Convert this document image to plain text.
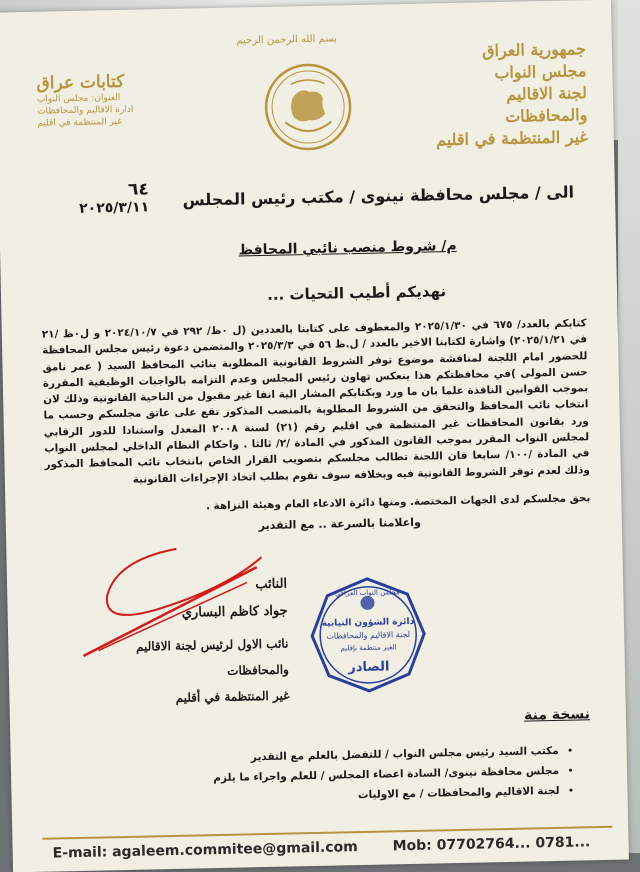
بسم الله الرحمن الرحيم	جمهورية العراق
مجلس النواب
لجنة الاقاليم والمحافظات
غير المنتظمة في اقليم
كتابات عراق
العنوان: مجلس النواب
ادارة الاقاليم والمحافظات
غير المنتظمة في اقليم
٦٤
٢٠٢٥/٣/١١	الى / مجلس محافظة نينوى / مكتب رئيس المجلس
م/ شروط منصب نائبي المحافظ
نهديكم أطيب التحيات ...
كتابكم بالعدد/ ٦٧٥ في ٢٠٢٥/١/٣٠ والمعطوف على كتابنا بالعددين (ل ٠ظ/ ٢٩٢ في ٢٠٢٤/١٠/٧ و ل٠ظ /٢١ في ٢٠٢٥/١/٢١) واشارة لكتابنا الاخير بالعدد / ل.ظ ٥٦ في ٢٠٢٥/٣/٣ والمتضمن دعوة رئيس مجلس المحافظة للحضور امام اللجنة لمناقشة موضوع توفر الشروط القانونية المطلوبة بنائب المحافظ السيد ( عمر نامق حسن المولى )في محافظتكم هذا ينعكس تهاون رئيس المجلس وعدم التزامه بالواجبات الوظيفية المقررة بموجب القوانين النافذة علما بان ما ورد وبكتابكم المشار الية انفا غير مقبول من الناحية القانونية وذلك لان انتخاب نائب المحافظ والتحقق من الشروط المطلوبة بالمنصب المذكور تقع على عاتق مجلسكم وحسب ما ورد بقانون المحافظات غير المنتظمة في اقليم رقم (٢١) لسنة ٢٠٠٨ المعدل واستنادا للدور الرقابي لمجلس النواب المقرر بموجب القانون المذكور في المادة /٢/ ثالثا . واحكام النظام الداخلي لمجلس النواب في المادة /١٠٠/ سابعا فان اللجنة تطالب مجلسكم بتصويب القرار الخاص بانتخاب نائب المحافظ المذكور وذلك لعدم توفر الشروط القانونية فيه وبخلافه سوف نقوم بطلب اتخاذ الإجراءات القانونية
بحق مجلسكم لدى الجهات المختصة. ومنها دائرة الادعاء العام وهيئة النزاهة .
واعلامنا بالسرعة .. مع التقدير
النائب
جواد كاظم البساري
نائب الاول لرئيس لجنة الاقاليم والمحافظات
غير المنتظمة في أقليم
مجلس النواب العراقي
دائرة الشؤون النيابية
لجنة الاقاليم والمحافظات
الغير منتظمة بإقليم
الصادر
نسخة منة
• مكتب السيد رئيس مجلس النواب / للتفضل بالعلم مع التقدير
• مجلس محافظة نينوى/ السادة اعضاء المجلس / للعلم واجراء ما يلزم
• لجنة الاقاليم والمحافظات / مع الاوليات
E-mail: agaleem.commitee@gmail.com Mob: 07702764... 0781...
